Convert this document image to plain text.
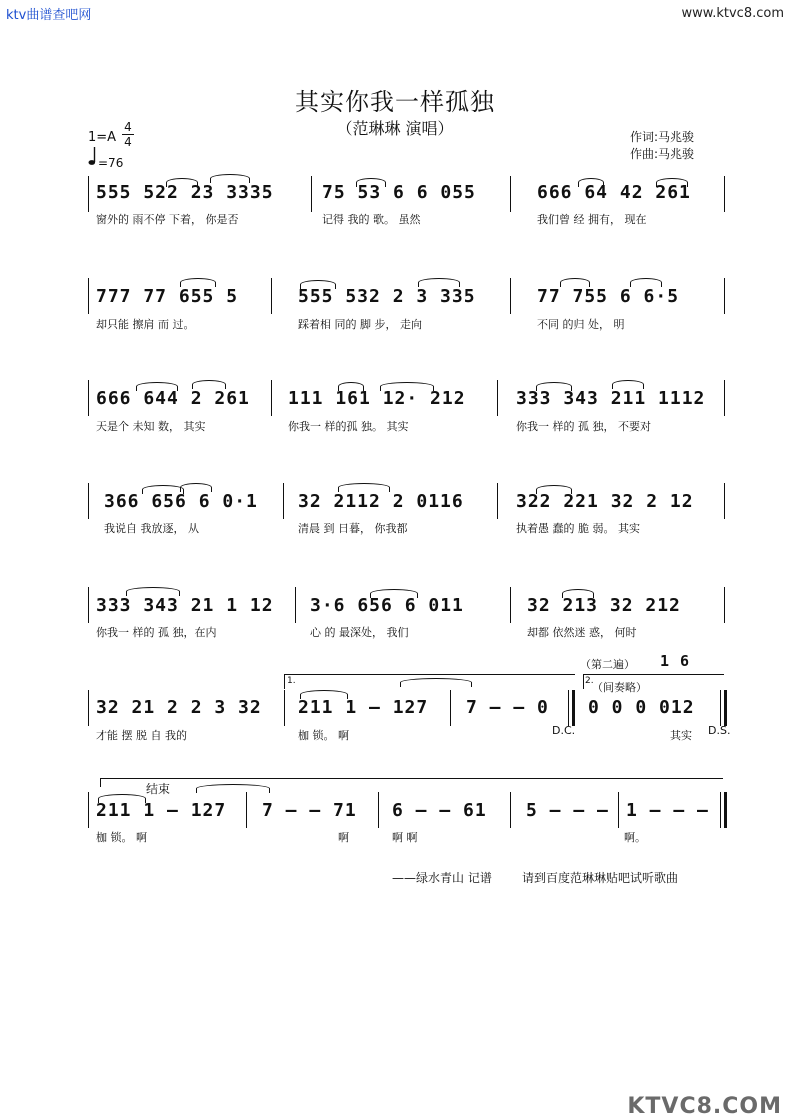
ktv曲谱查吧网	www.ktvc8.com
其实你我一样孤独
（范琳琳 演唱）
1=A
4
4
=76
作词:马兆骏
作曲:马兆骏
555 522 23 3335
窗外的 雨不停 下着， 你是否
75 53 6 6 055
记得 我的 歌。 虽然
666 64 42 261
我们曾 经 拥有， 现在
777 77 655 5
却只能 擦肩 而 过。
555 532 2 3 335
踩着相 同的 脚 步， 走向
77 755 6 6·5
不同 的归 处， 明
666 644 2 261
天是个 未知 数， 其实
111 161 12· 212
你我一 样的孤 独。 其实
333 343 211 1112
你我一 样的 孤 独， 不要对
366 656 6 0·1
我说自 我放逐， 从
32 2112 2 0116
清晨 到 日暮， 你我都
322 221 32 2 12
执着愚 蠢的 脆 弱。 其实
333 343 21 1 12
你我一 样的 孤 独，在内
3·6 656 6 011
心 的 最深处， 我们
32 213 32 212
却都 依然迷 惑， 何时
（第二遍） 1 6
1.	2.
（间奏略）
32 21 2 2 3 32
才能 摆 脱 自 我的
211 1 – 127
枷 锁。 啊
7 – – 0
D.C.
0 0 0 012
其实 D.S.
结束
211 1 – 127
枷 锁。 啊
7 – – 71
啊
6 – – 61
啊 啊
5 – – – 1 – – –
啊。
——绿水青山 记谱	请到百度范琳琳贴吧试听歌曲
KTVC8.COM
